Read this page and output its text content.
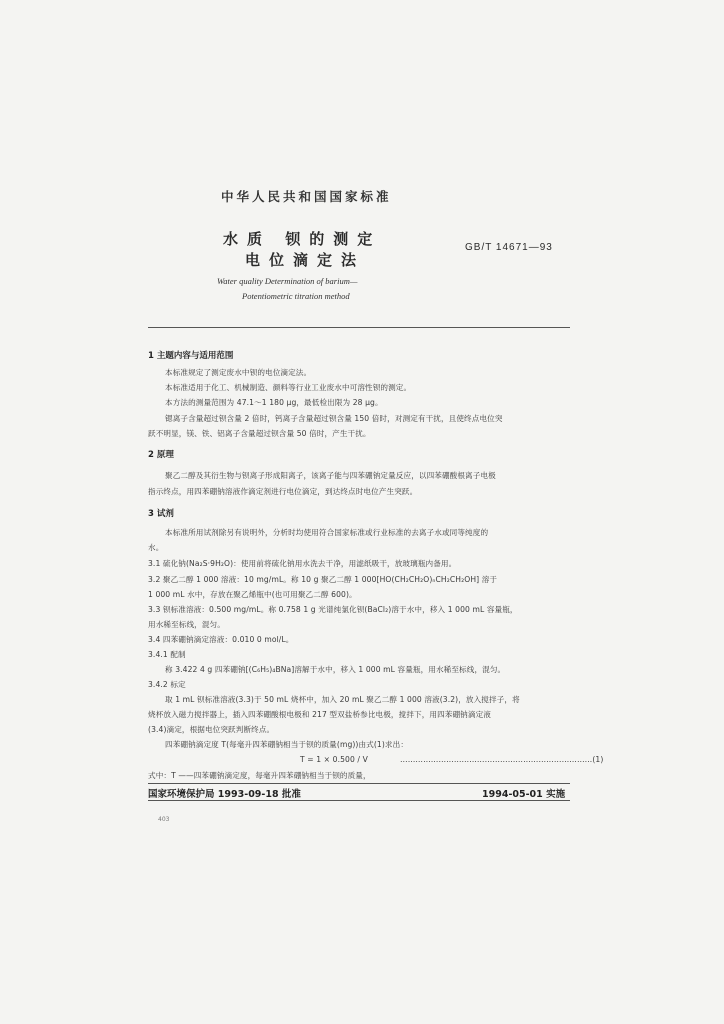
中华人民共和国国家标准
水质 钡的测定
电位滴定法
GB/T 14671—93
Water quality Determination of barium—
Potentiometric titration method
1 主题内容与适用范围
本标准规定了测定废水中钡的电位滴定法。
本标准适用于化工、机械制造、颜料等行业工业废水中可溶性钡的测定。
本方法的测量范围为 47.1～1 180 μg，最低检出限为 28 μg。
锶离子含量超过钡含量 2 倍时，钙离子含量超过钡含量 150 倍时，对测定有干扰，且使终点电位突
跃不明显，镁、铁、铝离子含量超过钡含量 50 倍时，产生干扰。
2 原理
聚乙二醇及其衍生物与钡离子形成阳离子，该离子能与四苯硼钠定量反应，以四苯硼酸根离子电极
指示终点，用四苯硼钠溶液作滴定剂进行电位滴定，到达终点时电位产生突跃。
3 试剂
本标准所用试剂除另有说明外，分析时均使用符合国家标准或行业标准的去离子水或同等纯度的
水。
3.1 硫化钠(Na₂S·9H₂O)：使用前将硫化钠用水洗去干净，用滤纸吸干，放玻璃瓶内备用。
3.2 聚乙二醇 1 000 溶液：10 mg/mL。称 10 g 聚乙二醇 1 000[HO(CH₂CH₂O)ₙCH₂CH₂OH] 溶于
1 000 mL 水中，存放在聚乙烯瓶中(也可用聚乙二醇 600)。
3.3 钡标准溶液：0.500 mg/mL。称 0.758 1 g 光谱纯氯化钡(BaCl₂)溶于水中，移入 1 000 mL 容量瓶，
用水稀至标线，混匀。
3.4 四苯硼钠滴定溶液：0.010 0 mol/L。
3.4.1 配制
称 3.422 4 g 四苯硼钠[(C₆H₅)₄BNa]溶解于水中，移入 1 000 mL 容量瓶，用水稀至标线，混匀。
3.4.2 标定
取 1 mL 钡标准溶液(3.3)于 50 mL 烧杯中，加入 20 mL 聚乙二醇 1 000 溶液(3.2)，放入搅拌子，将
烧杯放入磁力搅拌器上，插入四苯硼酸根电极和 217 型双盐桥参比电极，搅拌下，用四苯硼钠滴定液
(3.4)滴定，根据电位突跃判断终点。
四苯硼钠滴定度 T(每毫升四苯硼钠相当于钡的质量(mg))由式(1)求出：
T = 1 × 0.500 / V	…………………………………………………………………(1)
式中：T ——四苯硼钠滴定度，每毫升四苯硼钠相当于钡的质量，
国家环境保护局 1993-09-18 批准	1994-05-01 实施
403
